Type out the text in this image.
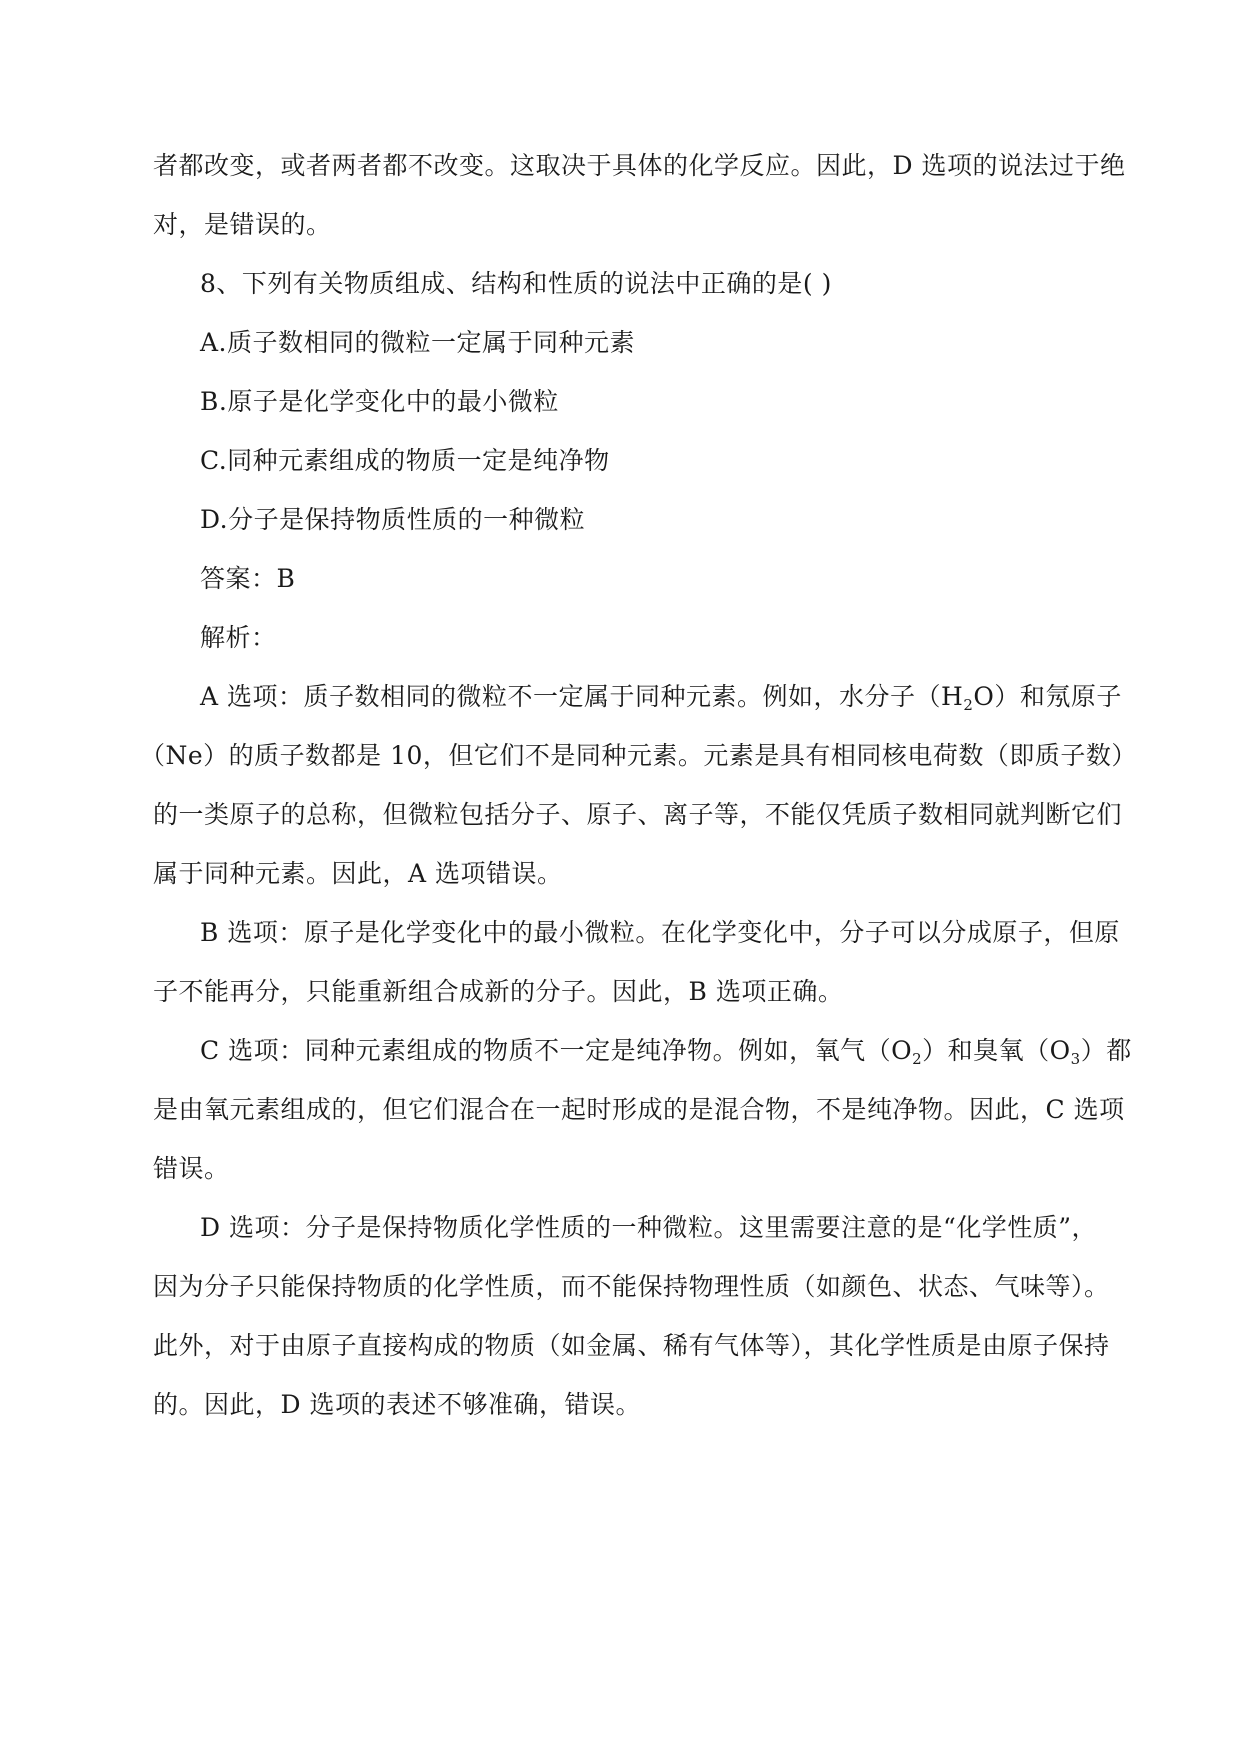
者都改变，或者两者都不改变。这取决于具体的化学反应。因此，D 选项的说法过于绝
对，是错误的。
8、下列有关物质组成、结构和性质的说法中正确的是( )
A.质子数相同的微粒一定属于同种元素
B.原子是化学变化中的最小微粒
C.同种元素组成的物质一定是纯净物
D.分子是保持物质性质的一种微粒
答案：B
解析：
A 选项：质子数相同的微粒不一定属于同种元素。例如，水分子$(H_2O)$和氖原子
（Ne）的质子数都是 10，但它们不是同种元素。元素是具有相同核电荷数（即质子数）
的一类原子的总称，但微粒包括分子、原子、离子等，不能仅凭质子数相同就判断它们
属于同种元素。因此，A 选项错误。
B 选项：原子是化学变化中的最小微粒。在化学变化中，分子可以分成原子，但原
子不能再分，只能重新组合成新的分子。因此，B 选项正确。
C 选项：同种元素组成的物质不一定是纯净物。例如，氧气$(O_2)$和臭氧$(O_3)$都
是由氧元素组成的，但它们混合在一起时形成的是混合物，不是纯净物。因此，C 选项
错误。
D 选项：分子是保持物质化学性质的一种微粒。这里需要注意的是“化学性质”，
因为分子只能保持物质的化学性质，而不能保持物理性质（如颜色、状态、气味等）。
此外，对于由原子直接构成的物质（如金属、稀有气体等），其化学性质是由原子保持
的。因此，D 选项的表述不够准确，错误。
